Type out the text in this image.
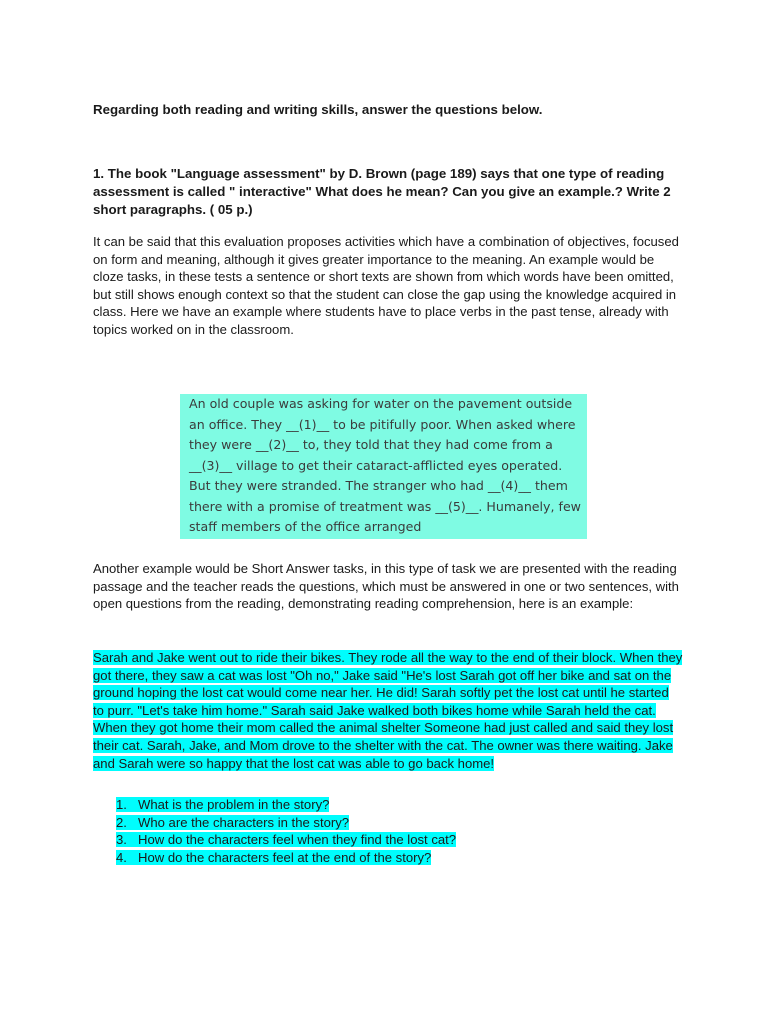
Regarding both reading and writing skills, answer the questions below.
1. The book "Language assessment" by D. Brown (page 189) says that one type of reading assessment is called " interactive" What does he mean? Can you give an example.? Write 2 short paragraphs. ( 05 p.)
It can be said that this evaluation proposes activities which have a combination of objectives, focused on form and meaning, although it gives greater importance to the meaning. An example would be cloze tasks, in these tests a sentence or short texts are shown from which words have been omitted, but still shows enough context so that the student can close the gap using the knowledge acquired in class. Here we have an example where students have to place verbs in the past tense, already with topics worked on in the classroom.
An old couple was asking for water on the pavement outside an office. They __(1)__ to be pitifully poor. When asked where they were __(2)__ to, they told that they had come from a __(3)__ village to get their cataract-afflicted eyes operated. But they were stranded. The stranger who had __(4)__ them there with a promise of treatment was __(5)__. Humanely, few staff members of the office arranged
Another example would be Short Answer tasks, in this type of task we are presented with the reading passage and the teacher reads the questions, which must be answered in one or two sentences, with open questions from the reading, demonstrating reading comprehension, here is an example:
Sarah and Jake went out to ride their bikes. They rode all the way to the end of their block. When they got there, they saw a cat was lost "Oh no," Jake said "He's lost Sarah got off her bike and sat on the ground hoping the lost cat would come near her. He did! Sarah softly pet the lost cat until he started to purr. "Let's take him home." Sarah said Jake walked both bikes home while Sarah held the cat. When they got home their mom called the animal shelter Someone had just called and said they lost their cat. Sarah, Jake, and Mom drove to the shelter with the cat. The owner was there waiting. Jake and Sarah were so happy that the lost cat was able to go back home!
1. What is the problem in the story?
2. Who are the characters in the story?
3. How do the characters feel when they find the lost cat?
4. How do the characters feel at the end of the story?
